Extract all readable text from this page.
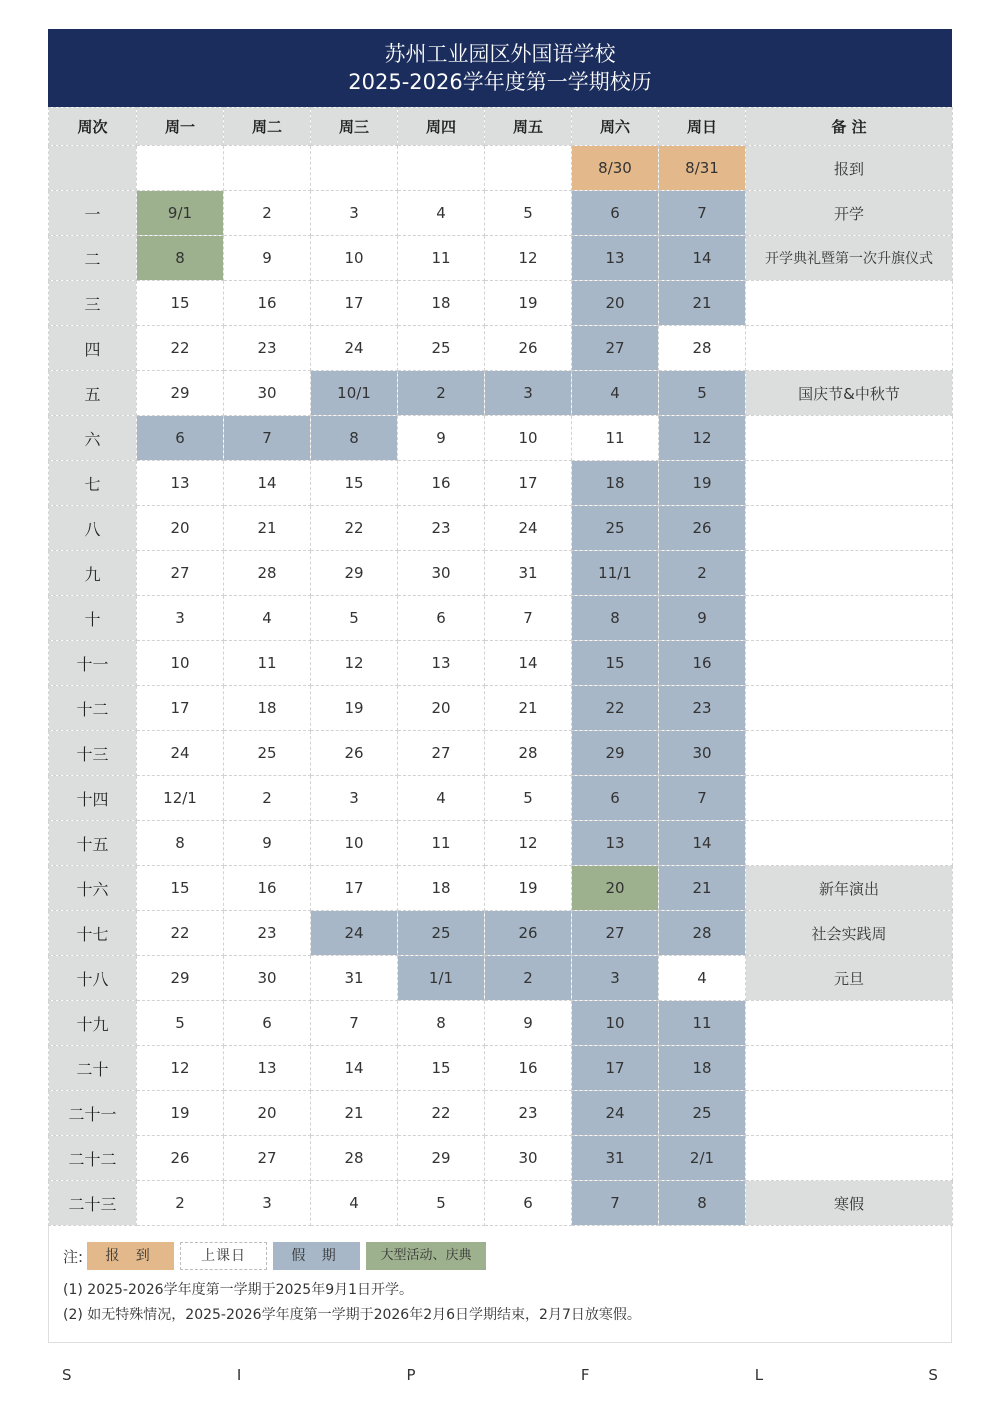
苏州工业园区外国语学校
2025-2026学年度第一学期校历
周次	周一	周二	周三	周四	周五	周六	周日	备 注
						8/30	8/31	报到
一	9/1	2	3	4	5	6	7	开学
二	8	9	10	11	12	13	14	开学典礼暨第一次升旗仪式
三	15	16	17	18	19	20	21	
四	22	23	24	25	26	27	28	
五	29	30	10/1	2	3	4	5	国庆节&中秋节
六	6	7	8	9	10	11	12	
七	13	14	15	16	17	18	19	
八	20	21	22	23	24	25	26	
九	27	28	29	30	31	11/1	2	
十	3	4	5	6	7	8	9	
十一	10	11	12	13	14	15	16	
十二	17	18	19	20	21	22	23	
十三	24	25	26	27	28	29	30	
十四	12/1	2	3	4	5	6	7	
十五	8	9	10	11	12	13	14	
十六	15	16	17	18	19	20	21	新年演出
十七	22	23	24	25	26	27	28	社会实践周
十八	29	30	31	1/1	2	3	4	元旦
十九	5	6	7	8	9	10	11	
二十	12	13	14	15	16	17	18	
二十一	19	20	21	22	23	24	25	
二十二	26	27	28	29	30	31	2/1	
二十三	2	3	4	5	6	7	8	寒假
注:	报 到	上课日	假 期	大型活动、庆典
(1) 2025-2026学年度第一学期于2025年9月1日开学。
(2) 如无特殊情况，2025-2026学年度第一学期于2026年2月6日学期结束，2月7日放寒假。
S	I	P	F	L	S
